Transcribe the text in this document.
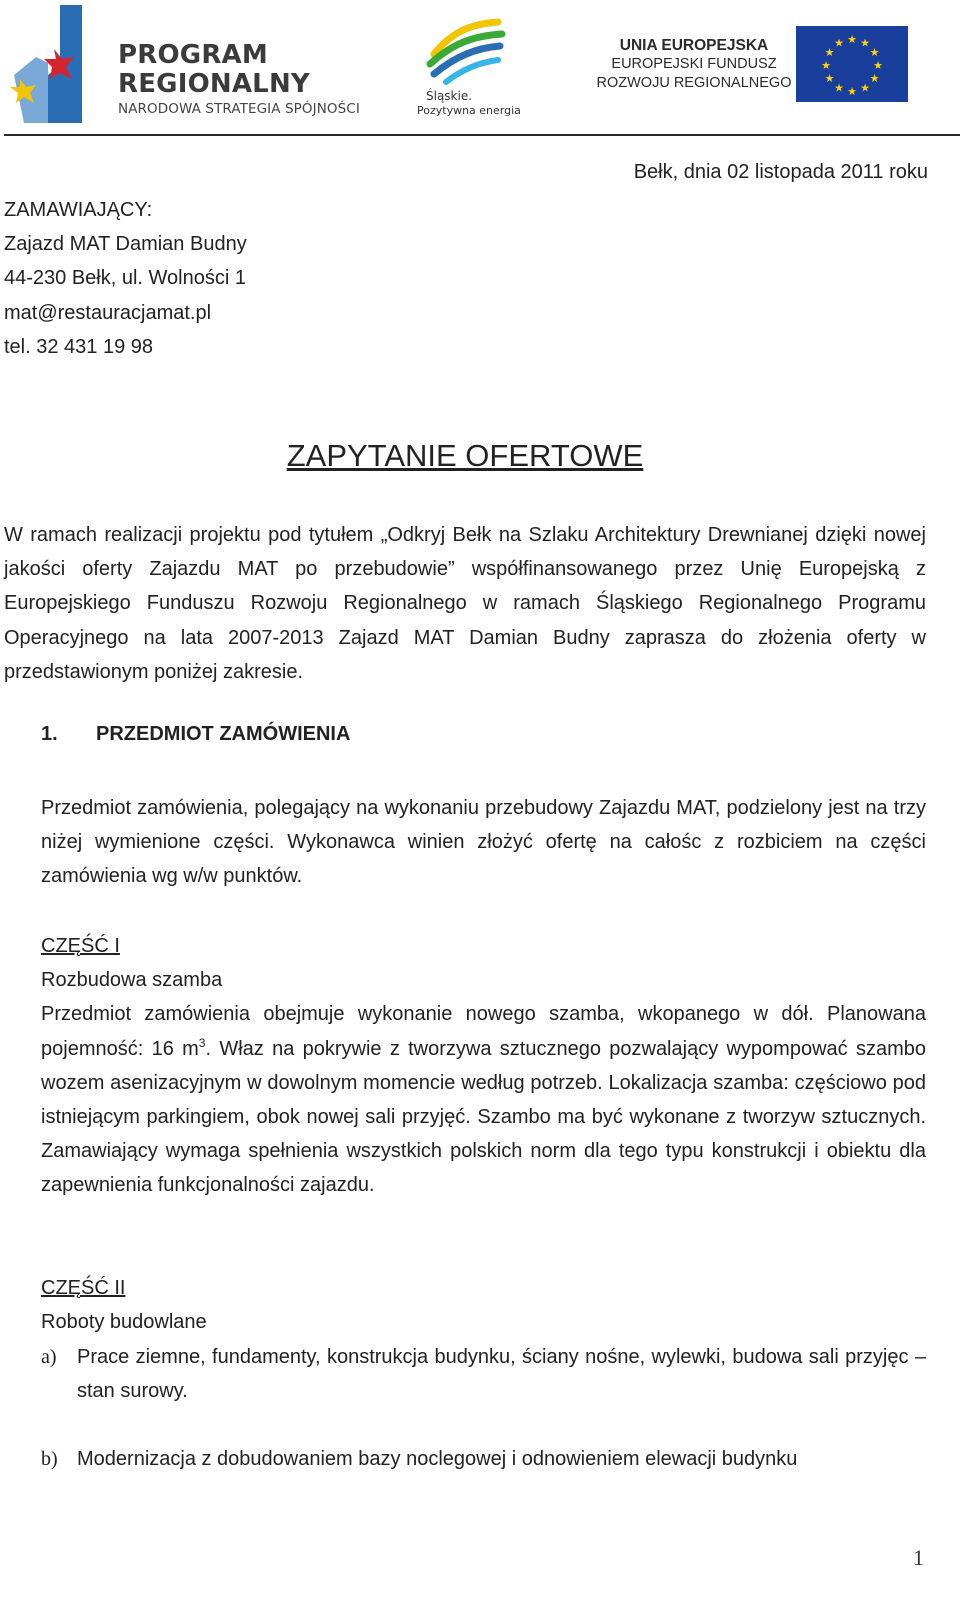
PROGRAM
REGIONALNY
NARODOWA STRATEGIA SPÓJNOŚCI
Śląskie.
Pozytywna energia
UNIA EUROPEJSKA
EUROPEJSKI FUNDUSZ
ROZWOJU REGIONALNEGO
★ ★
★
★
★
★
★
★
★
★
★
★
Bełk, dnia 02 listopada 2011 roku
ZAMAWIAJĄCY:
Zajazd MAT Damian Budny
44-230 Bełk, ul. Wolności 1
mat@restauracjamat.pl
tel. 32 431 19 98
ZAPYTANIE OFERTOWE
W ramach realizacji projektu pod tytułem „Odkryj Bełk na Szlaku Architektury Drewnianej dzięki nowej jakości oferty Zajazdu MAT po przebudowie” współfinansowanego przez Unię Europejską z Europejskiego Funduszu Rozwoju Regionalnego w ramach Śląskiego Regionalnego Programu Operacyjnego na lata 2007-2013 Zajazd MAT Damian Budny zaprasza do złożenia oferty w przedstawionym poniżej zakresie.
1. PRZEDMIOT ZAMÓWIENIA
Przedmiot zamówienia, polegający na wykonaniu przebudowy Zajazdu MAT, podzielony jest na trzy niżej wymienione części. Wykonawca winien złożyć ofertę na całośc z rozbiciem na części zamówienia wg w/w punktów.
CZĘŚĆ I
Rozbudowa szamba
Przedmiot zamówienia obejmuje wykonanie nowego szamba, wkopanego w dół. Planowana pojemność: 16 $m^3$. Właz na pokrywie z tworzywa sztucznego pozwalający wypompować szambo wozem asenizacyjnym w dowolnym momencie według potrzeb. Lokalizacja szamba: częściowo pod istniejącym parkingiem, obok nowej sali przyjęć. Szambo ma być wykonane z tworzyw sztucznych. Zamawiający wymaga spełnienia wszystkich polskich norm dla tego typu konstrukcji i obiektu dla zapewnienia funkcjonalności zajazdu.
CZĘŚĆ II
Roboty budowlane
a) Prace ziemne, fundamenty, konstrukcja budynku, ściany nośne, wylewki, budowa sali przyjęc – stan surowy.
b) Modernizacja z dobudowaniem bazy noclegowej i odnowieniem elewacji budynku
1
